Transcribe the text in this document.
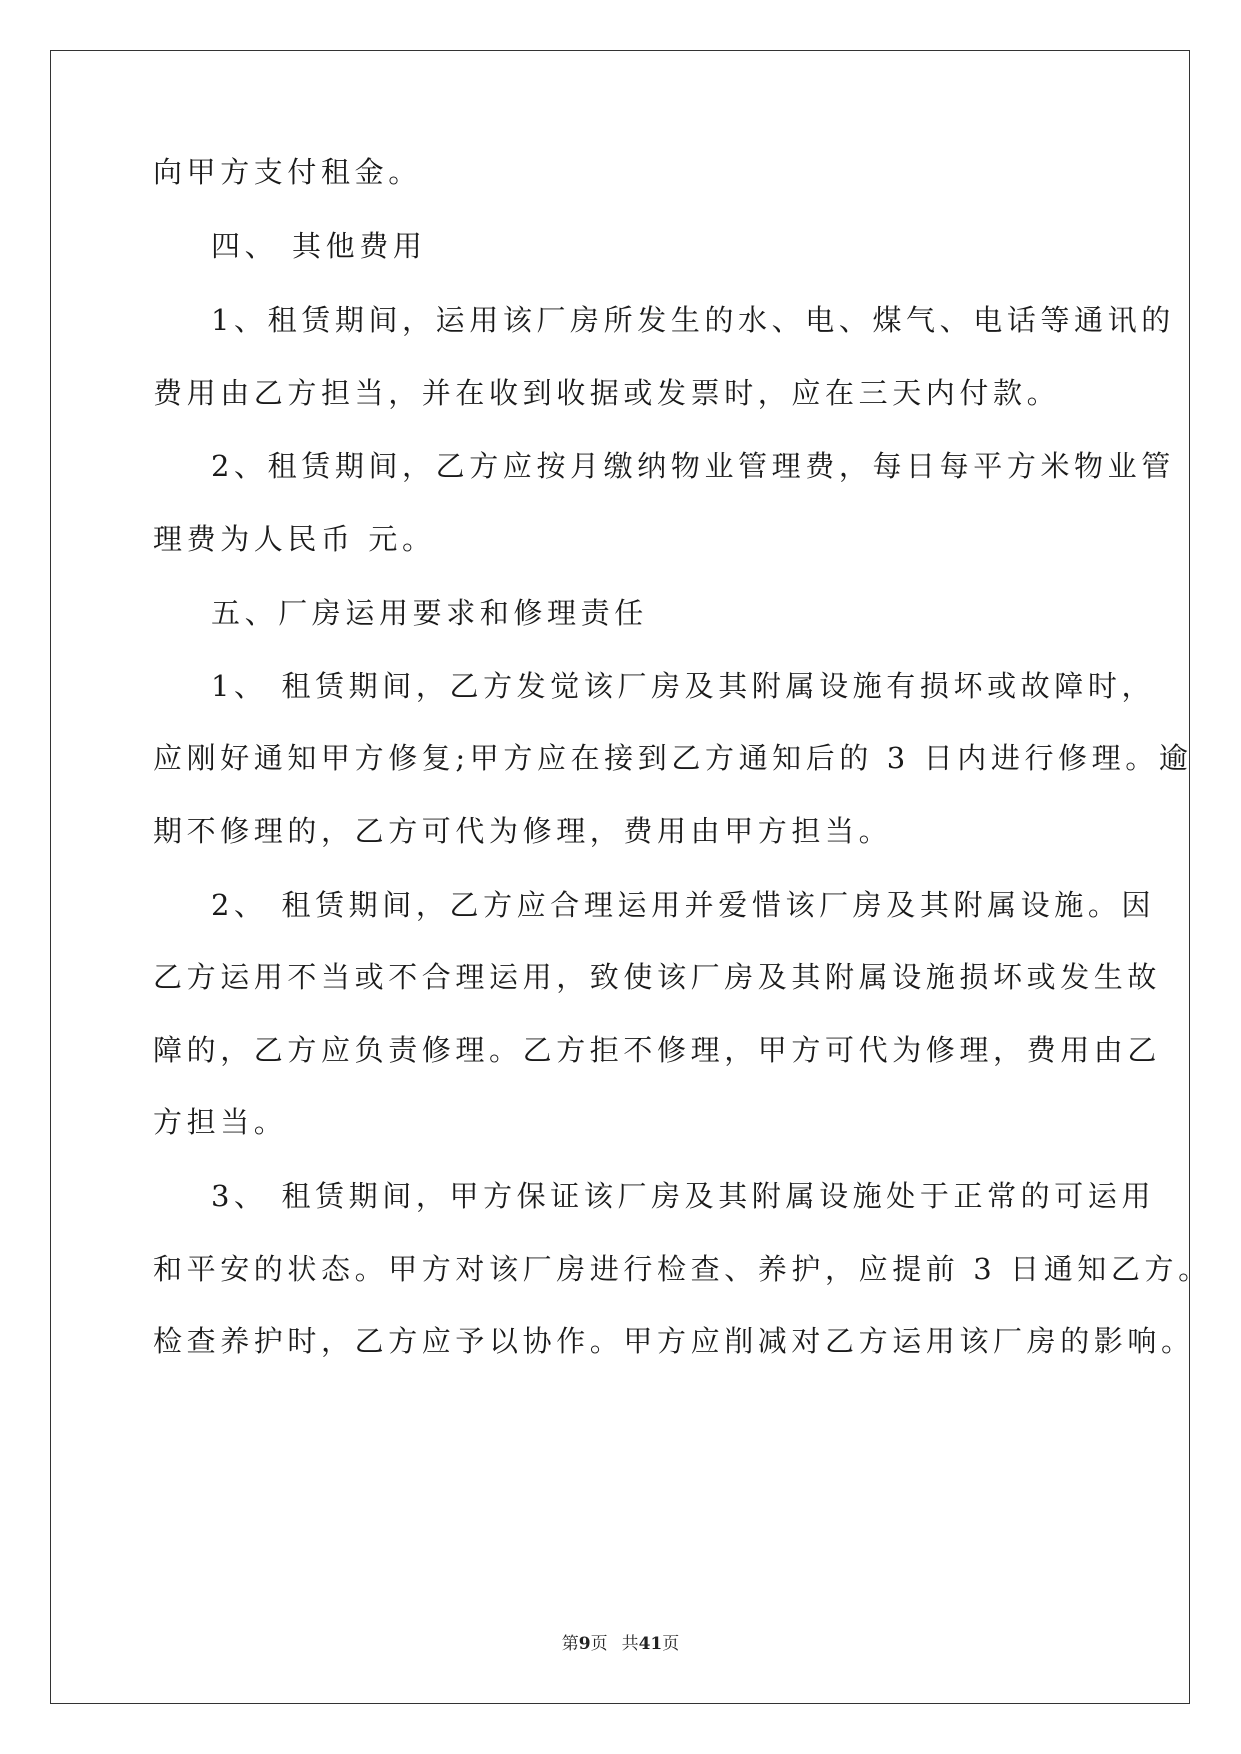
向甲方支付租金。
四、 其他费用
1、租赁期间，运用该厂房所发生的水、电、煤气、电话等通讯的
费用由乙方担当，并在收到收据或发票时，应在三天内付款。
2、租赁期间，乙方应按月缴纳物业管理费，每日每平方米物业管
理费为人民币 元。
五、厂房运用要求和修理责任
1、 租赁期间，乙方发觉该厂房及其附属设施有损坏或故障时，
应刚好通知甲方修复;甲方应在接到乙方通知后的 3 日内进行修理。逾
期不修理的，乙方可代为修理，费用由甲方担当。
2、 租赁期间，乙方应合理运用并爱惜该厂房及其附属设施。因
乙方运用不当或不合理运用，致使该厂房及其附属设施损坏或发生故
障的，乙方应负责修理。乙方拒不修理，甲方可代为修理，费用由乙
方担当。
3、 租赁期间，甲方保证该厂房及其附属设施处于正常的可运用
和平安的状态。甲方对该厂房进行检查、养护，应提前 3 日通知乙方。
检查养护时，乙方应予以协作。甲方应削减对乙方运用该厂房的影响。
第9页 共41页
